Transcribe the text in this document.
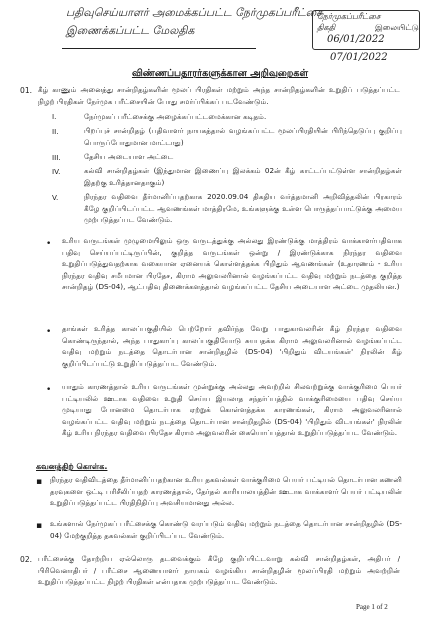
பதிவுசெய்யாளர் அமைக்கப்பட்ட நேர்முகப்பரீட்சை
இணைக்கப்பட்ட மேலதிக
நேர்முகப்பரீட்சை
திகதி	இலையிட்டு
06/01/2022
07/01/2022
விண்ணப்பதாரர்களுக்கான அறிவுறைகள்
01. கீழ் காணும் அனைத்து சான்றிதழ்களின் மூலப் பிரதிகள் மற்றும் அந்த சான்றிதழ்களின் உறுதிப் படுத்தப்பட்ட நிழற் பிரதிகள் நேர்முக பரீட்சையின் போது சமர்ப்பிக்கப் படவேண்டும்.
I.	நேர்முகப் பரீட்சைக்கு அழைக்கப்பட்டமைக்கான கடிதம்.
II.	பிறப்புச் சான்றிதழ் (பதிவாளர் நாயகத்தால் வழங்கப்பட்ட மூலப்பிரதியின் பிரிந்தெடுப்பு குறிப்பு பொருப்போதுமான மாட்டாது)
III.	தேசிய அடையாள அட்டை
IV.	கல்வி சான்றிதழ்கள் (இந்துமான இணைப்பு இலக்கம் 02ன் கீழ் காட்டப்பட்டுள்ள சான்றிதழ்கள் இதற்கு உரித்தானதாகும்)
V.	நிரந்தர வதிவை தீர்மானிப்பதற்காக 2020.09.04 திகதிய வர்த்தமானி அறிவித்தலின் பிரகாரம் கீழே குறிப்பிடப்பட்ட ஆவணங்கள் மாத்திரமே, உங்களுக்கு உள்ள பொருத்தப்பாட்டுக்கு அமைய முற்படுத்தப்பட வேண்டும்.
• உரிய வருடங்கள் முழுமையிலும் ஒரு வருடத்துக்கு அல்லது இரண்டுக்கு மாத்திரம் வாக்காளர்பதிவாக பதிவு செய்யப்பட்டிருப்பின், குறித்த வருடங்கள் ஒன்று / இரண்டுக்காக நிரந்தர வதிவை உறுதிப்படுத்துவதற்காக வகையான ஏனையக் கொள்ளத்தக்க பிறிதும் ஆவணங்கள் (உதாரணம் - உரிய நிரந்தர வதிவு சமீபமான பிரதேச, கிராம அலுவலரினால் வழங்கப்பட்ட வதிவு மற்றும் நடத்தை குறித்த சான்றிதழ் (DS-04), ஆட்பதிவு திணைக்களத்தால் வழங்கப்பட்ட தேசிய அடையாள அட்டை முதலியன.)
• தாங்கள் உரித்த காலப்பகுதியில் பெற்றோர் தவிர்ந்த வேறு பாதுகாவலரின் கீழ் நிரந்தர வதிவை கொண்டிருந்தால், அந்த பாதுகாப்பு காலப்பகுதியோடு சுயபதக்க கிராம அலுவலரினால் வழங்கப்பட்ட வதிவு மற்றும் நடத்தை தொடர்பான சான்றிதழில் (DS-04) 'பிறிதும் விடயங்கள்' நிரலின் கீழ் குறிப்பிடப்பட்டு உறுதிப்படுத்தப்பட வேண்டும்.
• யாதும் காரணத்தால் உரிய வருடங்கள் முன்றுக்கு அல்லது அவற்றில் சிலவற்றுக்கு வாக்குரிமை பெயர் பட்டியலில் ஊடாக வதிவை உறுதி செய்ய இயலாத சந்தர்ப்பத்தில் வாக்குரிமையை பதிவு செய்ய முடியாது போனமை தொடர்பாக ஏற்றுக் கொள்ளத்தக்க காரணங்கள், கிராம அலுவலரினால் வழங்கப்பட்ட வதிவு மற்றும் நடத்தை தொடர்பான சான்றிதழில் (DS-04) 'பிறிதும் விடயங்கள்' நிரலின் கீழ் உரிய நிரந்தர வதிவை பிரதேச கிராம அலுவலரின் கையொப்பத்தால் உறுதிப்படுத்தப்பட வேண்டும்.
கவனத்திற் கொள்க.
▪ நிரந்தர வதிவிடத்தை தீர்மானிப்பதற்கான உரிய தகவல்கள் வாக்குரிமை பெயர் பட்டியல் தொடர்பான கணனி தரவுகளை ஒட்டி பரிசீலிப்பதற் காரணத்தால், தேர்தல் காரியாலயத்தின் ஊடாக வாக்காளர் பெயர் பட்டியலின் உறுதிப்படுத்தப்பட்ட பிரதிநிதிப்பு அவசியமானது அல்ல.
▪ உங்களால் நேர்முகப் பரீட்சைக்கு கொண்டு வரப்படும் வதிவு மற்றும் நடத்தை தொடர்பான சான்றிதழில் (DS-04) மேற்குறித்த தகவல்கள் குறிப்பிடப்பட வேண்டும்.
02. பரீட்சைக்கு தோற்றிய ஏல்லொரு தடவைக்கும் கீழே குறிப்பிட்டவாறு கல்வி சான்றிதழ்கள், அதிபர் / பிரிவெனாதிபர் / பரீட்சை ஆணையாளர் நாயகம் வழங்கிய சான்றிதழின் மூலப்பிரதி மற்றும் அவற்றின் உறுதிப்படுத்தப்பட்ட நிழற் பிரதிகள் என்பதாக முற்படுத்தப்பட வேண்டும்.
Page 1 of 2
